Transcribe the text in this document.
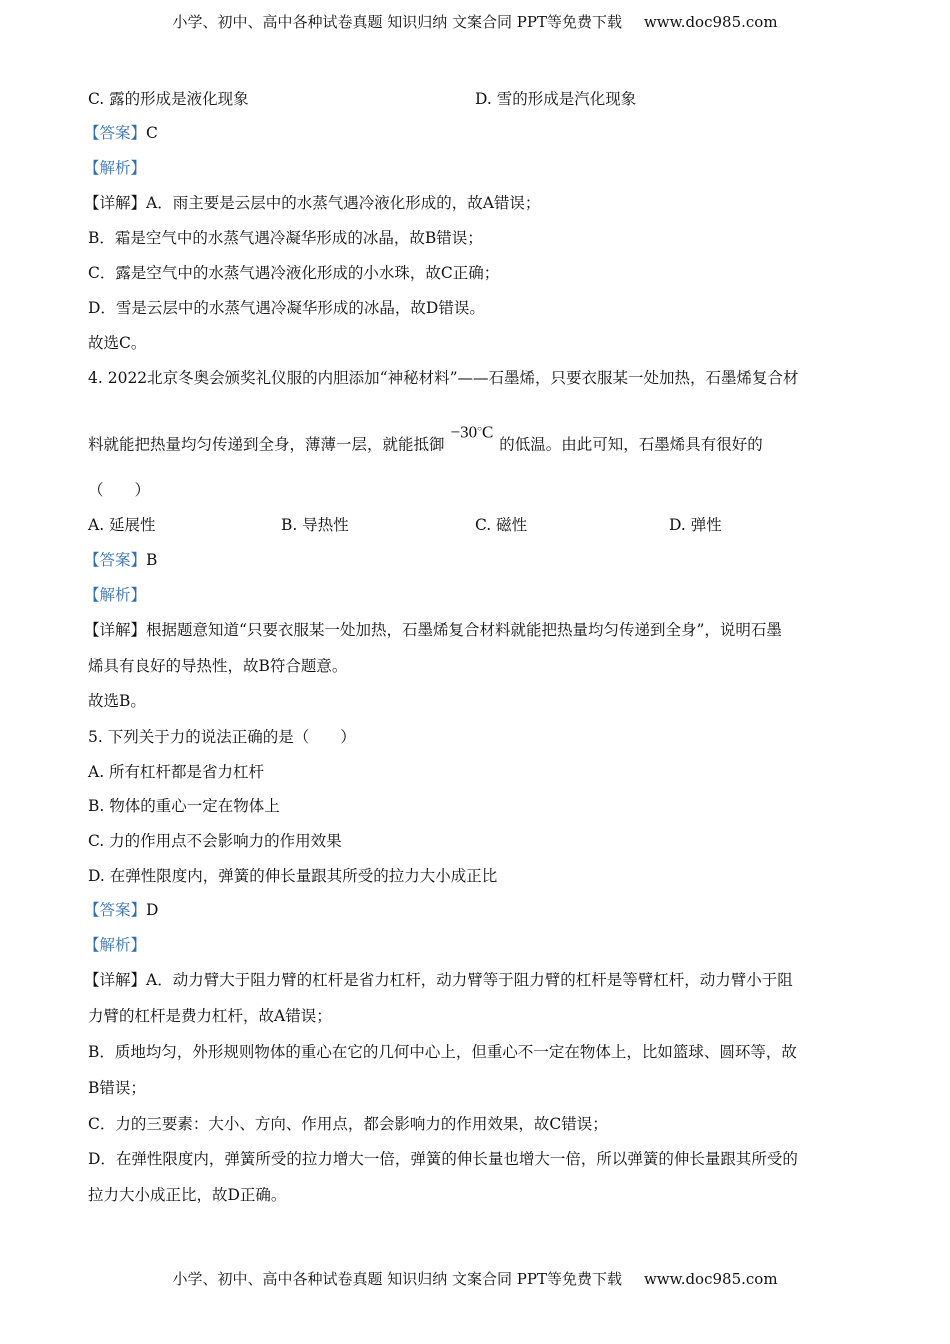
小学、初中、高中各种试卷真题 知识归纳 文案合同 PPT等免费下载 www.doc985.com
C. 露的形成是液化现象	D. 雪的形成是汽化现象
【答案】C
【解析】
【详解】A．雨主要是云层中的水蒸气遇冷液化形成的，故A错误；
B．霜是空气中的水蒸气遇冷凝华形成的冰晶，故B错误；
C．露是空气中的水蒸气遇冷液化形成的小水珠，故C正确；
D．雪是云层中的水蒸气遇冷凝华形成的冰晶，故D错误。
故选C。
4. 2022北京冬奥会颁奖礼仪服的内胆添加“神秘材料”——石墨烯，只要衣服某一处加热，石墨烯复合材
料就能把热量均匀传递到全身，薄薄一层，就能抵御−30○C的低温。由此可知，石墨烯具有很好的
（　　）
A. 延展性	B. 导热性	C. 磁性	D. 弹性
【答案】B
【解析】
【详解】根据题意知道“只要衣服某一处加热，石墨烯复合材料就能把热量均匀传递到全身”，说明石墨
烯具有良好的导热性，故B符合题意。
故选B。
5. 下列关于力的说法正确的是（　　）
A. 所有杠杆都是省力杠杆
B. 物体的重心一定在物体上
C. 力的作用点不会影响力的作用效果
D. 在弹性限度内，弹簧的伸长量跟其所受的拉力大小成正比
【答案】D
【解析】
【详解】A．动力臂大于阻力臂的杠杆是省力杠杆，动力臂等于阻力臂的杠杆是等臂杠杆，动力臂小于阻
力臂的杠杆是费力杠杆，故A错误；
B．质地均匀，外形规则物体的重心在它的几何中心上，但重心不一定在物体上，比如篮球、圆环等，故
B错误；
C．力的三要素：大小、方向、作用点，都会影响力的作用效果，故C错误；
D．在弹性限度内，弹簧所受的拉力增大一倍，弹簧的伸长量也增大一倍，所以弹簧的伸长量跟其所受的
拉力大小成正比，故D正确。
小学、初中、高中各种试卷真题 知识归纳 文案合同 PPT等免费下载 www.doc985.com
